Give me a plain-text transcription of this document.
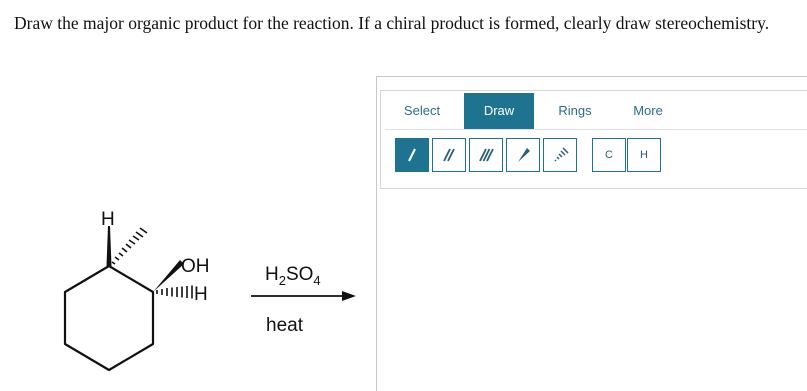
Draw the major organic product for the reaction. If a chiral product is formed, clearly draw stereochemistry.

H
OH
H
$H_2SO_4$
heat
Select	Draw	Rings	More
C	H
